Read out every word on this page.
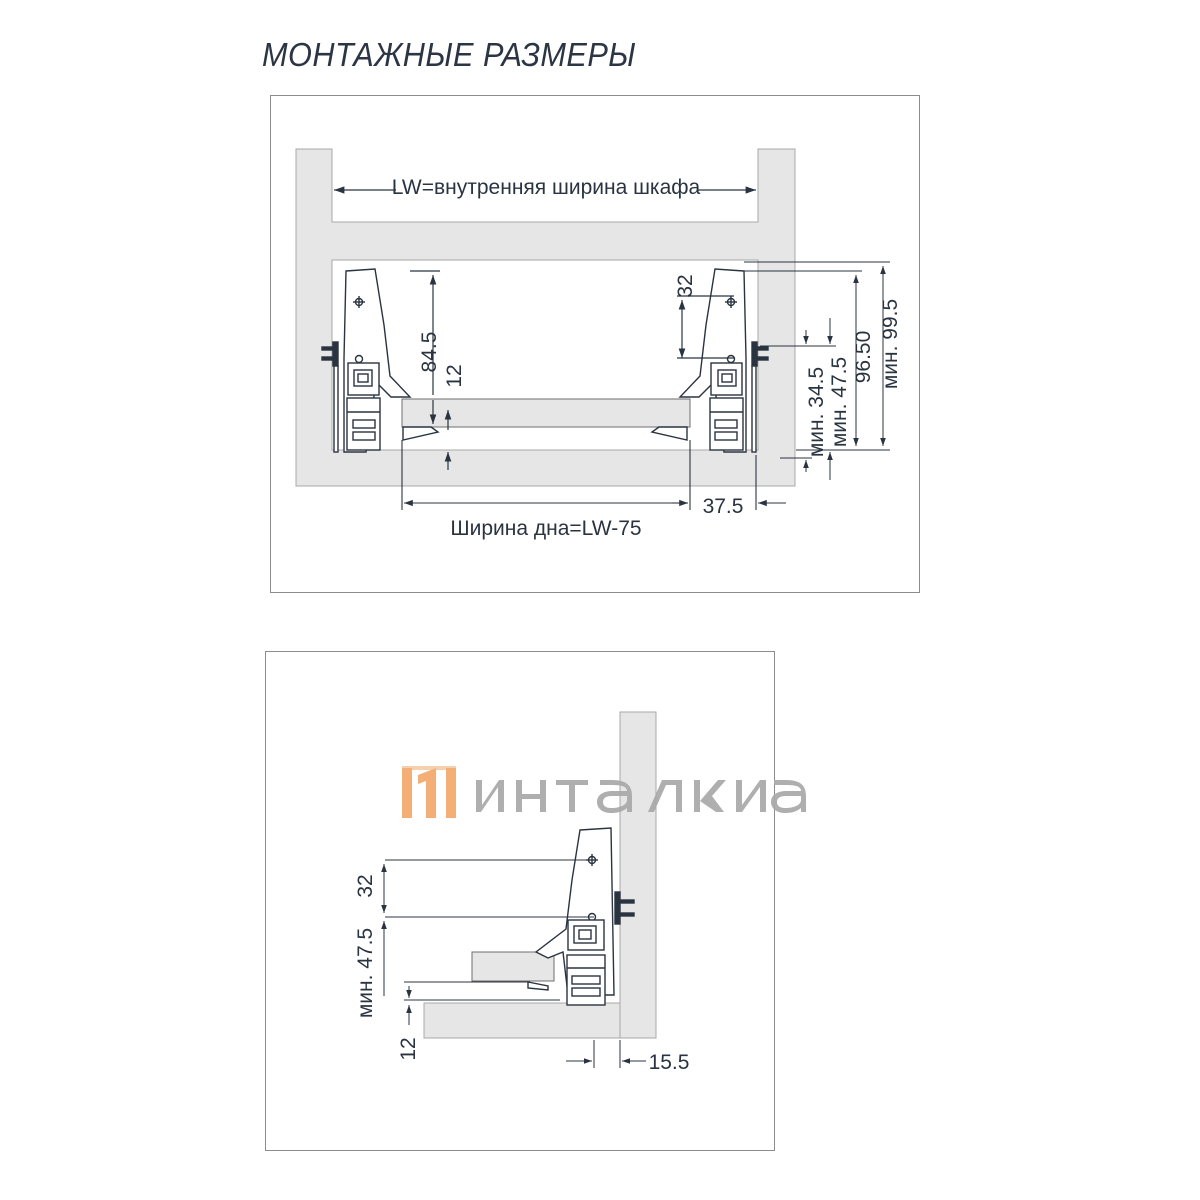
МОНТАЖНЫЕ РАЗМЕРЫ
LW=внутренняя ширина шкафа
84.5
12
32
мин. 34.5 мин. 47.5 96.50 мин. 99.5
37.5
Ширина дна=LW-75
32
мин. 47.5
12
15.5
